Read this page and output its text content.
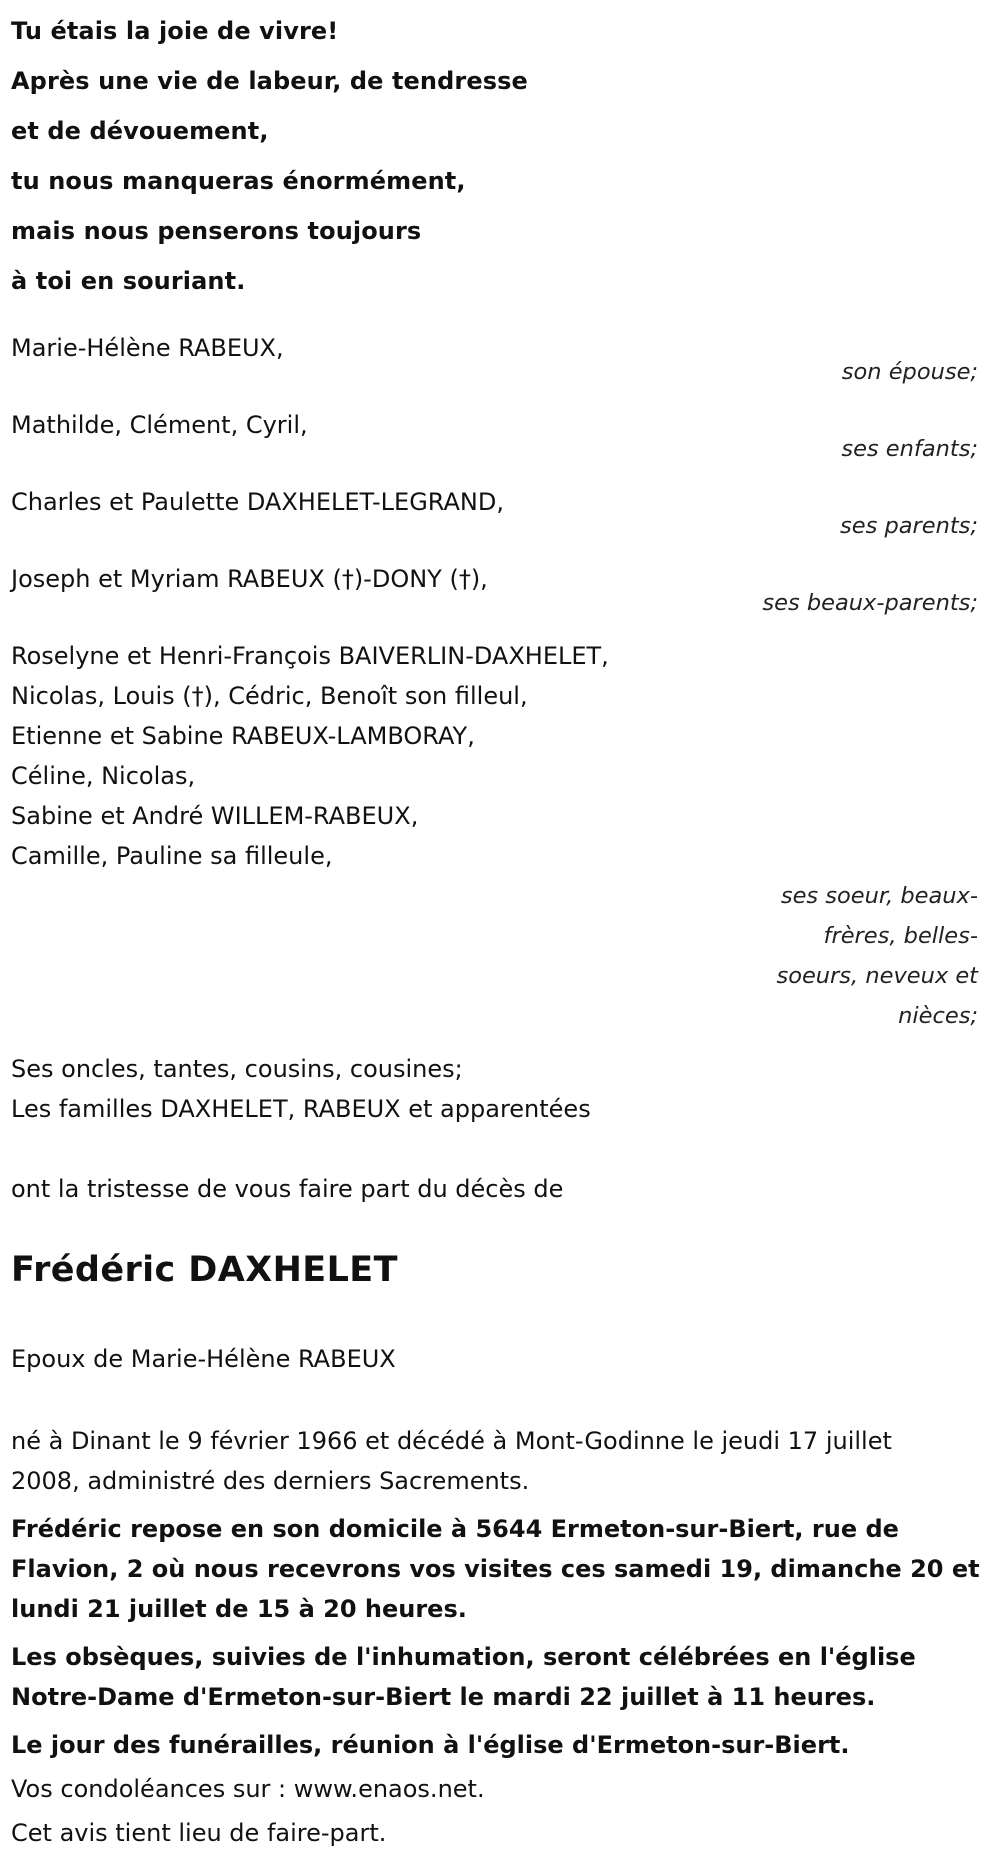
Tu étais la joie de vivre!
Après une vie de labeur, de tendresse
et de dévouement,
tu nous manqueras énormément,
mais nous penserons toujours
à toi en souriant.
Marie-Hélène RABEUX,
son épouse;
Mathilde, Clément, Cyril,
ses enfants;
Charles et Paulette DAXHELET-LEGRAND,
ses parents;
Joseph et Myriam RABEUX (†)-DONY (†),
ses beaux-parents;
Roselyne et Henri-François BAIVERLIN-DAXHELET,
Nicolas, Louis (†), Cédric, Benoît son filleul,
Etienne et Sabine RABEUX-LAMBORAY,
Céline, Nicolas,
Sabine et André WILLEM-RABEUX,
Camille, Pauline sa filleule,
ses soeur, beaux-
frères, belles-
soeurs, neveux et
nièces;
Ses oncles, tantes, cousins, cousines;
Les familles DAXHELET, RABEUX et apparentées
ont la tristesse de vous faire part du décès de
Frédéric DAXHELET
Epoux de Marie-Hélène RABEUX
né à Dinant le 9 février 1966 et décédé à Mont-Godinne le jeudi 17 juillet
2008, administré des derniers Sacrements.
Frédéric repose en son domicile à 5644 Ermeton-sur-Biert, rue de
Flavion, 2 où nous recevrons vos visites ces samedi 19, dimanche 20 et
lundi 21 juillet de 15 à 20 heures.
Les obsèques, suivies de l'inhumation, seront célébrées en l'église
Notre-Dame d'Ermeton-sur-Biert le mardi 22 juillet à 11 heures.
Le jour des funérailles, réunion à l'église d'Ermeton-sur-Biert.
Vos condoléances sur : www.enaos.net.
Cet avis tient lieu de faire-part.
